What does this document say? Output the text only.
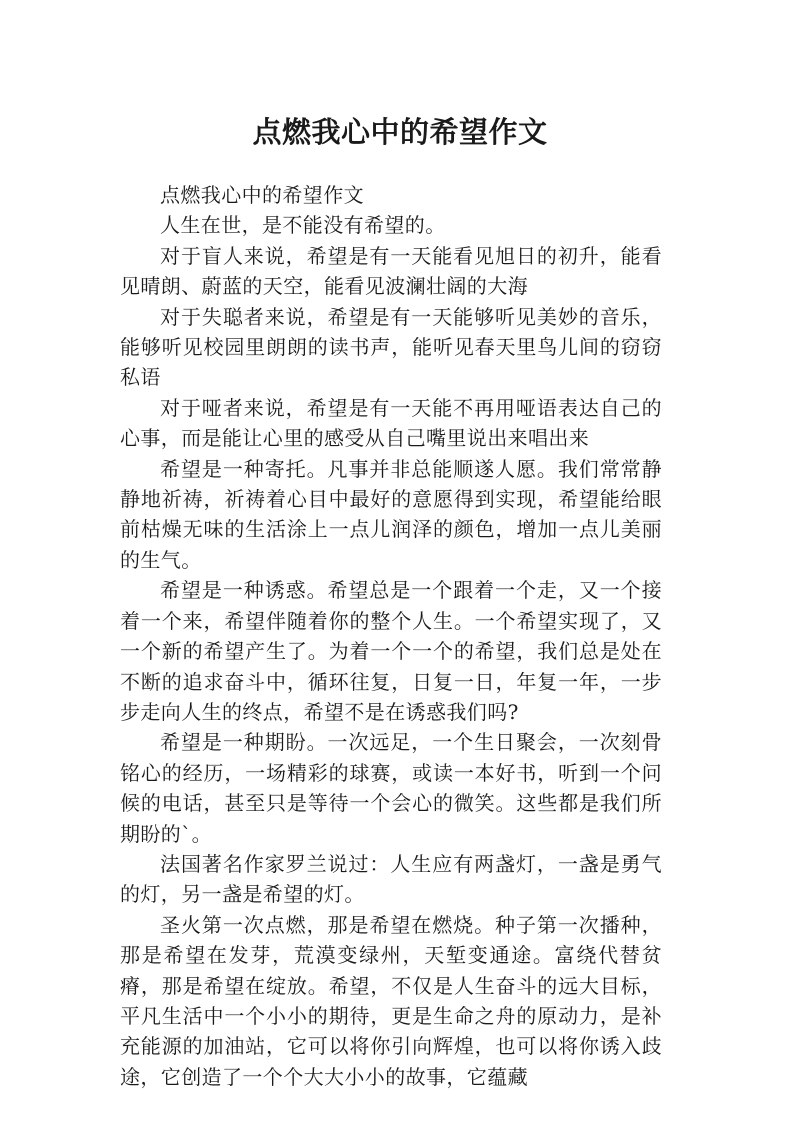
点燃我心中的希望作文

点燃我心中的希望作文

人生在世，是不能没有希望的。

对于盲人来说，希望是有一天能看见旭日的初升，能看见晴朗、蔚蓝的天空，能看见波澜壮阔的大海

对于失聪者来说，希望是有一天能够听见美妙的音乐，能够听见校园里朗朗的读书声，能听见春天里鸟儿间的窃窃私语

对于哑者来说，希望是有一天能不再用哑语表达自己的心事，而是能让心里的感受从自己嘴里说出来唱出来

希望是一种寄托。凡事并非总能顺遂人愿。我们常常静静地祈祷，祈祷着心目中最好的意愿得到实现，希望能给眼前枯燥无味的生活涂上一点儿润泽的颜色，增加一点儿美丽的生气。

希望是一种诱惑。希望总是一个跟着一个走，又一个接着一个来，希望伴随着你的整个人生。一个希望实现了，又一个新的希望产生了。为着一个一个的希望，我们总是处在不断的追求奋斗中，循环往复，日复一日，年复一年，一步步走向人生的终点，希望不是在诱惑我们吗?

希望是一种期盼。一次远足，一个生日聚会，一次刻骨铭心的经历，一场精彩的球赛，或读一本好书，听到一个问候的电话，甚至只是等待一个会心的微笑。这些都是我们所期盼的`。

法国著名作家罗兰说过：人生应有两盏灯，一盏是勇气的灯，另一盏是希望的灯。

圣火第一次点燃，那是希望在燃烧。种子第一次播种，那是希望在发芽，荒漠变绿州，天堑变通途。富绕代替贫瘠，那是希望在绽放。希望，不仅是人生奋斗的远大目标，平凡生活中一个小小的期待，更是生命之舟的原动力，是补充能源的加油站，它可以将你引向辉煌，也可以将你诱入歧途，它创造了一个个大大小小的故事，它蕴藏
